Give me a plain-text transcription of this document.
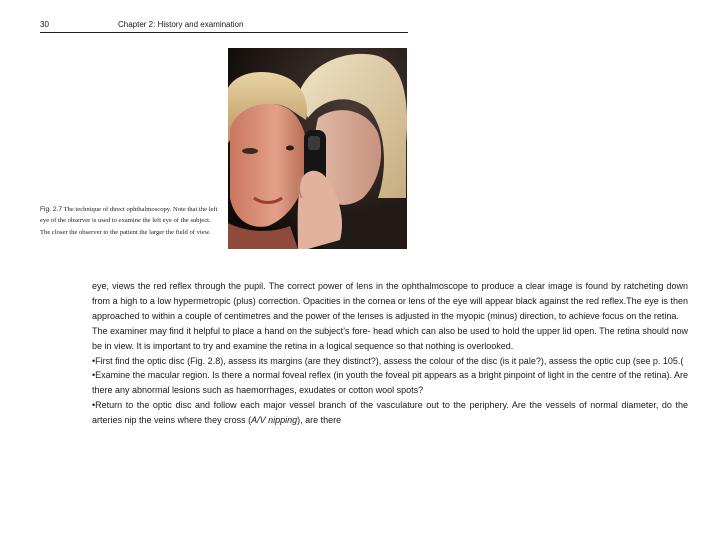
30	Chapter 2: History and examination
Fig. 2.7 The technique of direct ophthalmoscopy. Note that the left eye of the observer is used to examine the left eye of the subject. The closer the observer to the patient the larger the field of view.

eye, views the red reflex through the pupil. The correct power of lens in the ophthalmoscope to produce a clear image is found by ratcheting down from a high to a low hypermetropic (plus) correction. Opacities in the cornea or lens of the eye will appear black against the red reflex.The eye is then approached to within a couple of centimetres and the power of the lenses is adjusted in the myopic (minus) direction, to achieve focus on the retina.

The examiner may find it helpful to place a hand on the subject’s fore- head which can also be used to hold the upper lid open. The retina should now be in view. It is important to try and examine the retina in a logical sequence so that nothing is overlooked.

•First find the optic disc (Fig. 2.8), assess its margins (are they distinct?), assess the colour of the disc (is it pale?), assess the optic cup (see p. 105.(

•Examine the macular region. Is there a normal foveal reflex (in youth the foveal pit appears as a bright pinpoint of light in the centre of the retina). Are there any abnormal lesions such as haemorrhages, exudates or cotton wool spots?

•Return to the optic disc and follow each major vessel branch of the vasculature out to the periphery. Are the vessels of normal diameter, do the arteries nip the veins where they cross (A/V nipping), are there
